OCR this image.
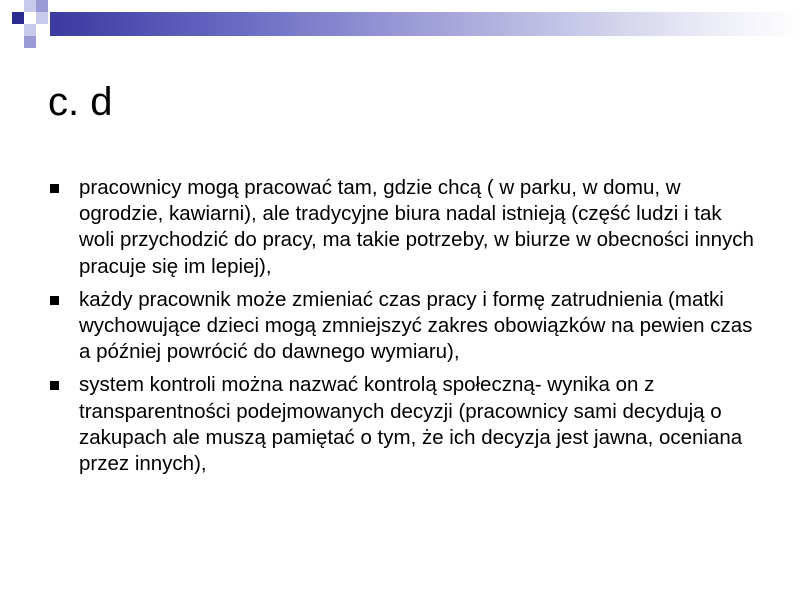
c. d
pracownicy mogą pracować tam, gdzie chcą ( w parku, w domu, w ogrodzie, kawiarni), ale tradycyjne biura nadal istnieją (część ludzi i tak woli przychodzić do pracy, ma takie potrzeby, w biurze w obecności innych pracuje się im lepiej),
każdy pracownik może zmieniać czas pracy i formę zatrudnienia (matki wychowujące dzieci mogą zmniejszyć zakres obowiązków na pewien czas a później powrócić do dawnego wymiaru),
system kontroli można nazwać kontrolą społeczną- wynika on z transparentności podejmowanych decyzji (pracownicy sami decydują o zakupach ale muszą pamiętać o tym, że ich decyzja jest jawna, oceniana przez innych),
